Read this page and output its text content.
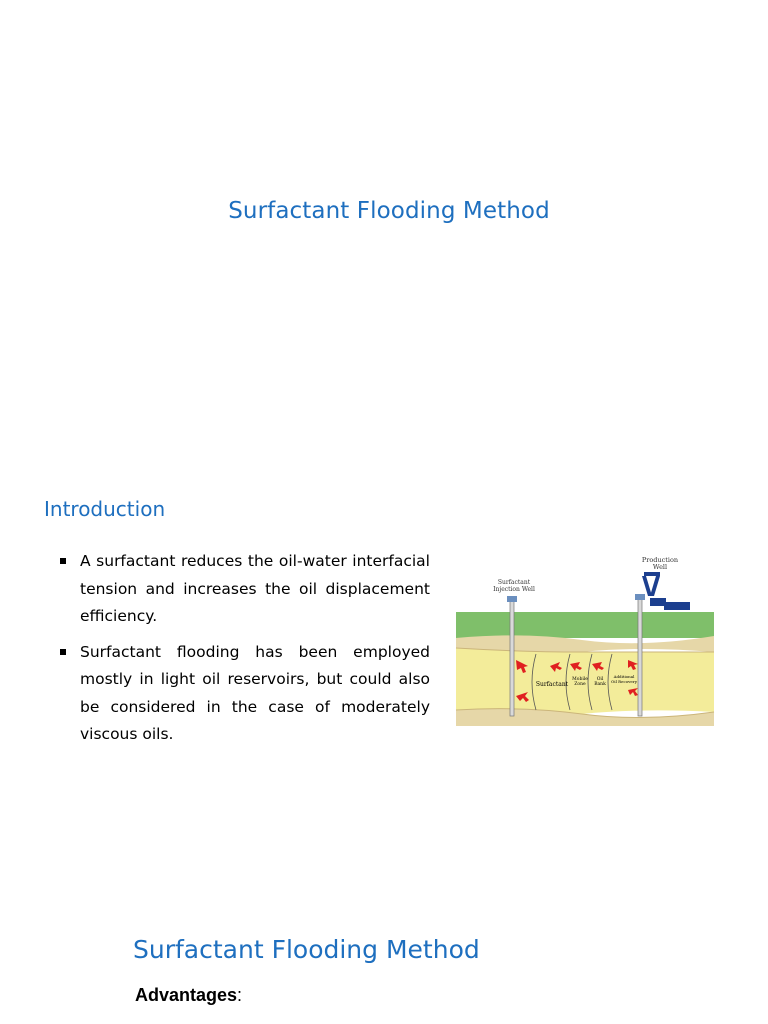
Surfactant Flooding Method
Introduction
A surfactant reduces the oil-water interfacial tension and increases the oil displacement efficiency.
Surfactant flooding has been employed mostly in light oil reservoirs, but could also be considered in the case of moderately viscous oils.
Production Well
Surfactant Injection Well
Surfactant
Mobile Zone
Oil Bank
Additional Oil Recovery
Surfactant Flooding Method
Advantages:
